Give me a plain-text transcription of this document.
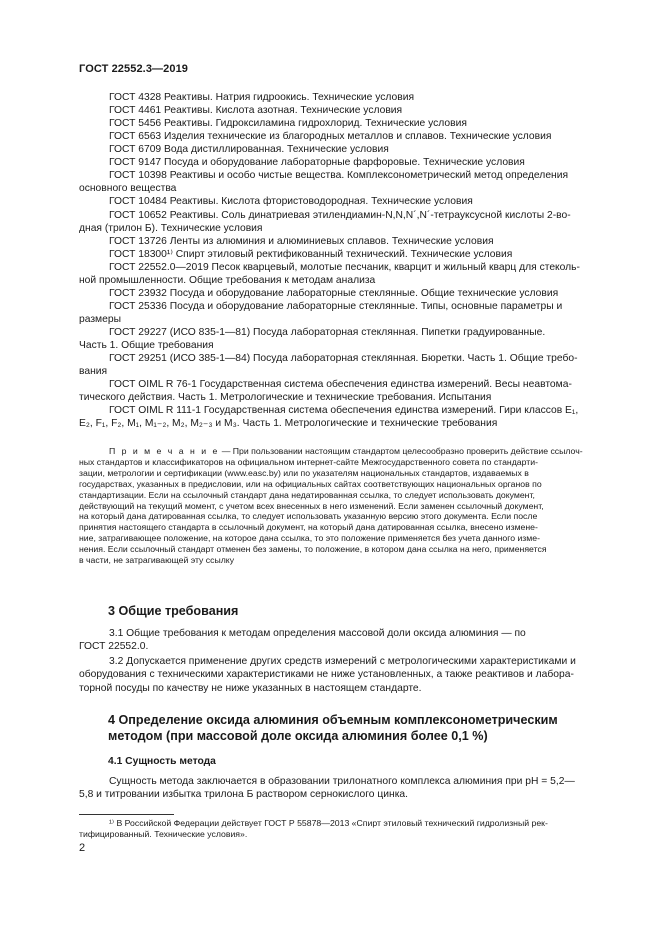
ГОСТ 22552.3—2019
ГОСТ 4328 Реактивы. Натрия гидроокись. Технические условия
ГОСТ 4461 Реактивы. Кислота азотная. Технические условия
ГОСТ 5456 Реактивы. Гидроксиламина гидрохлорид. Технические условия
ГОСТ 6563 Изделия технические из благородных металлов и сплавов. Технические условия
ГОСТ 6709 Вода дистиллированная. Технические условия
ГОСТ 9147 Посуда и оборудование лабораторные фарфоровые. Технические условия
ГОСТ 10398 Реактивы и особо чистые вещества. Комплексонометрический метод определения
основного вещества
ГОСТ 10484 Реактивы. Кислота фтористоводородная. Технические условия
ГОСТ 10652 Реактивы. Соль динатриевая этилендиамин-N,N,N´,N´-тетрауксусной кислоты 2-во-
дная (трилон Б). Технические условия
ГОСТ 13726 Ленты из алюминия и алюминиевых сплавов. Технические условия
ГОСТ 18300¹⁾ Спирт этиловый ректификованный технический. Технические условия
ГОСТ 22552.0—2019 Песок кварцевый, молотые песчаник, кварцит и жильный кварц для стеколь-
ной промышленности. Общие требования к методам анализа
ГОСТ 23932 Посуда и оборудование лабораторные стеклянные. Общие технические условия
ГОСТ 25336 Посуда и оборудование лабораторные стеклянные. Типы, основные параметры и
размеры
ГОСТ 29227 (ИСО 835-1—81) Посуда лабораторная стеклянная. Пипетки градуированные.
Часть 1. Общие требования
ГОСТ 29251 (ИСО 385-1—84) Посуда лабораторная стеклянная. Бюретки. Часть 1. Общие требо-
вания
ГОСТ OIML R 76-1 Государственная система обеспечения единства измерений. Весы неавтома-
тического действия. Часть 1. Метрологические и технические требования. Испытания
ГОСТ OIML R 111-1 Государственная система обеспечения единства измерений. Гири классов E₁,
E₂, F₁, F₂, M₁, M₁₋₂, M₂, M₂₋₃ и M₃. Часть 1. Метрологические и технические требования
П р и м е ч а н и е — При пользовании настоящим стандартом целесообразно проверить действие ссылоч-
ных стандартов и классификаторов на официальном интернет-сайте Межгосударственного совета по стандарти-
зации, метрологии и сертификации (www.easc.by) или по указателям национальных стандартов, издаваемых в
государствах, указанных в предисловии, или на официальных сайтах соответствующих национальных органов по
стандартизации. Если на ссылочный стандарт дана недатированная ссылка, то следует использовать документ,
действующий на текущий момент, с учетом всех внесенных в него изменений. Если заменен ссылочный документ,
на который дана датированная ссылка, то следует использовать указанную версию этого документа. Если после
принятия настоящего стандарта в ссылочный документ, на который дана датированная ссылка, внесено измене-
ние, затрагивающее положение, на которое дана ссылка, то это положение применяется без учета данного изме-
нения. Если ссылочный стандарт отменен без замены, то положение, в котором дана ссылка на него, применяется
в части, не затрагивающей эту ссылку
3 Общие требования
3.1 Общие требования к методам определения массовой доли оксида алюминия — по
ГОСТ 22552.0.
3.2 Допускается применение других средств измерений с метрологическими характеристиками и
оборудования с техническими характеристиками не ниже установленных, а также реактивов и лабора-
торной посуды по качеству не ниже указанных в настоящем стандарте.
4 Определение оксида алюминия объемным комплексонометрическим
методом (при массовой доле оксида алюминия более 0,1 %)
4.1 Сущность метода
Сущность метода заключается в образовании трилонатного комплекса алюминия при pH = 5,2—
5,8 и титровании избытка трилона Б раствором сернокислого цинка.
¹⁾ В Российской Федерации действует ГОСТ Р 55878—2013 «Спирт этиловый технический гидролизный рек-
тифицированный. Технические условия».
2
